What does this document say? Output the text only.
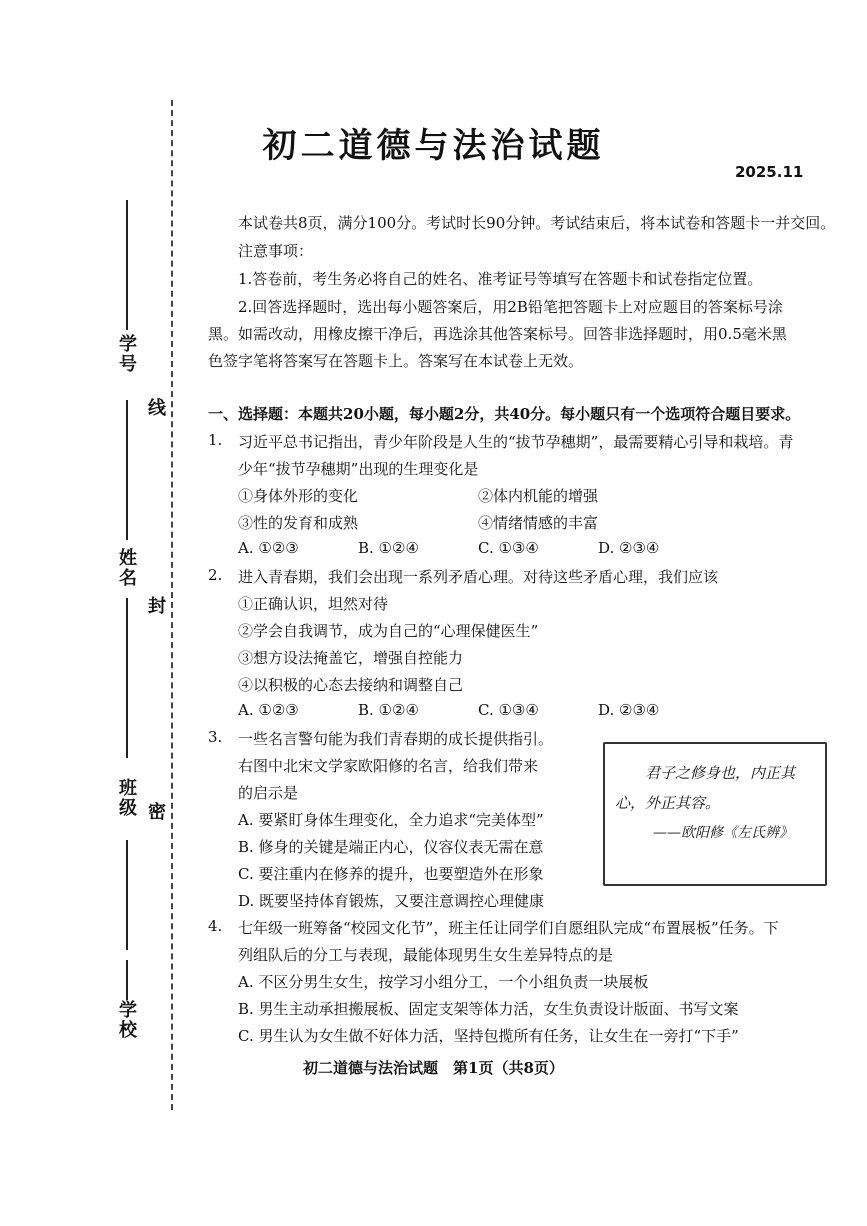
学号
姓名
班级
学校
线
封
密
初二道德与法治试题
2025.11
本试卷共8页，满分100分。考试时长90分钟。考试结束后，将本试卷和答题卡一并交回。
注意事项：
1.答卷前，考生务必将自己的姓名、准考证号等填写在答题卡和试卷指定位置。
2.回答选择题时，选出每小题答案后，用2B铅笔把答题卡上对应题目的答案标号涂
黑。如需改动，用橡皮擦干净后，再选涂其他答案标号。回答非选择题时，用0.5毫米黑
色签字笔将答案写在答题卡上。答案写在本试卷上无效。
一、选择题：本题共20小题，每小题2分，共40分。每小题只有一个选项符合题目要求。
1. 习近平总书记指出，青少年阶段是人生的“拔节孕穗期”，最需要精心引导和栽培。青
少年“拔节孕穗期”出现的生理变化是
①身体外形的变化	②体内机能的增强
③性的发育和成熟	④情绪情感的丰富
A. ①②③	B. ①②④	C. ①③④	D. ②③④
2. 进入青春期，我们会出现一系列矛盾心理。对待这些矛盾心理，我们应该
①正确认识，坦然对待
②学会自我调节，成为自己的“心理保健医生”
③想方设法掩盖它，增强自控能力
④以积极的心态去接纳和调整自己
A. ①②③	B. ①②④	C. ①③④	D. ②③④
3. 一些名言警句能为我们青春期的成长提供指引。
右图中北宋文学家欧阳修的名言，给我们带来
的启示是
A. 要紧盯身体生理变化，全力追求“完美体型”
B. 修身的关键是端正内心，仪容仪表无需在意
C. 要注重内在修养的提升，也要塑造外在形象
D. 既要坚持体育锻炼，又要注意调控心理健康
君子之修身也，内正其
心，外正其容。
——欧阳修《左氏辨》
4. 七年级一班筹备“校园文化节”，班主任让同学们自愿组队完成“布置展板”任务。下
列组队后的分工与表现，最能体现男生女生差异特点的是
A. 不区分男生女生，按学习小组分工，一个小组负责一块展板
B. 男生主动承担搬展板、固定支架等体力活，女生负责设计版面、书写文案
C. 男生认为女生做不好体力活，坚持包揽所有任务，让女生在一旁打“下手”
初二道德与法治试题　第1页（共8页）
